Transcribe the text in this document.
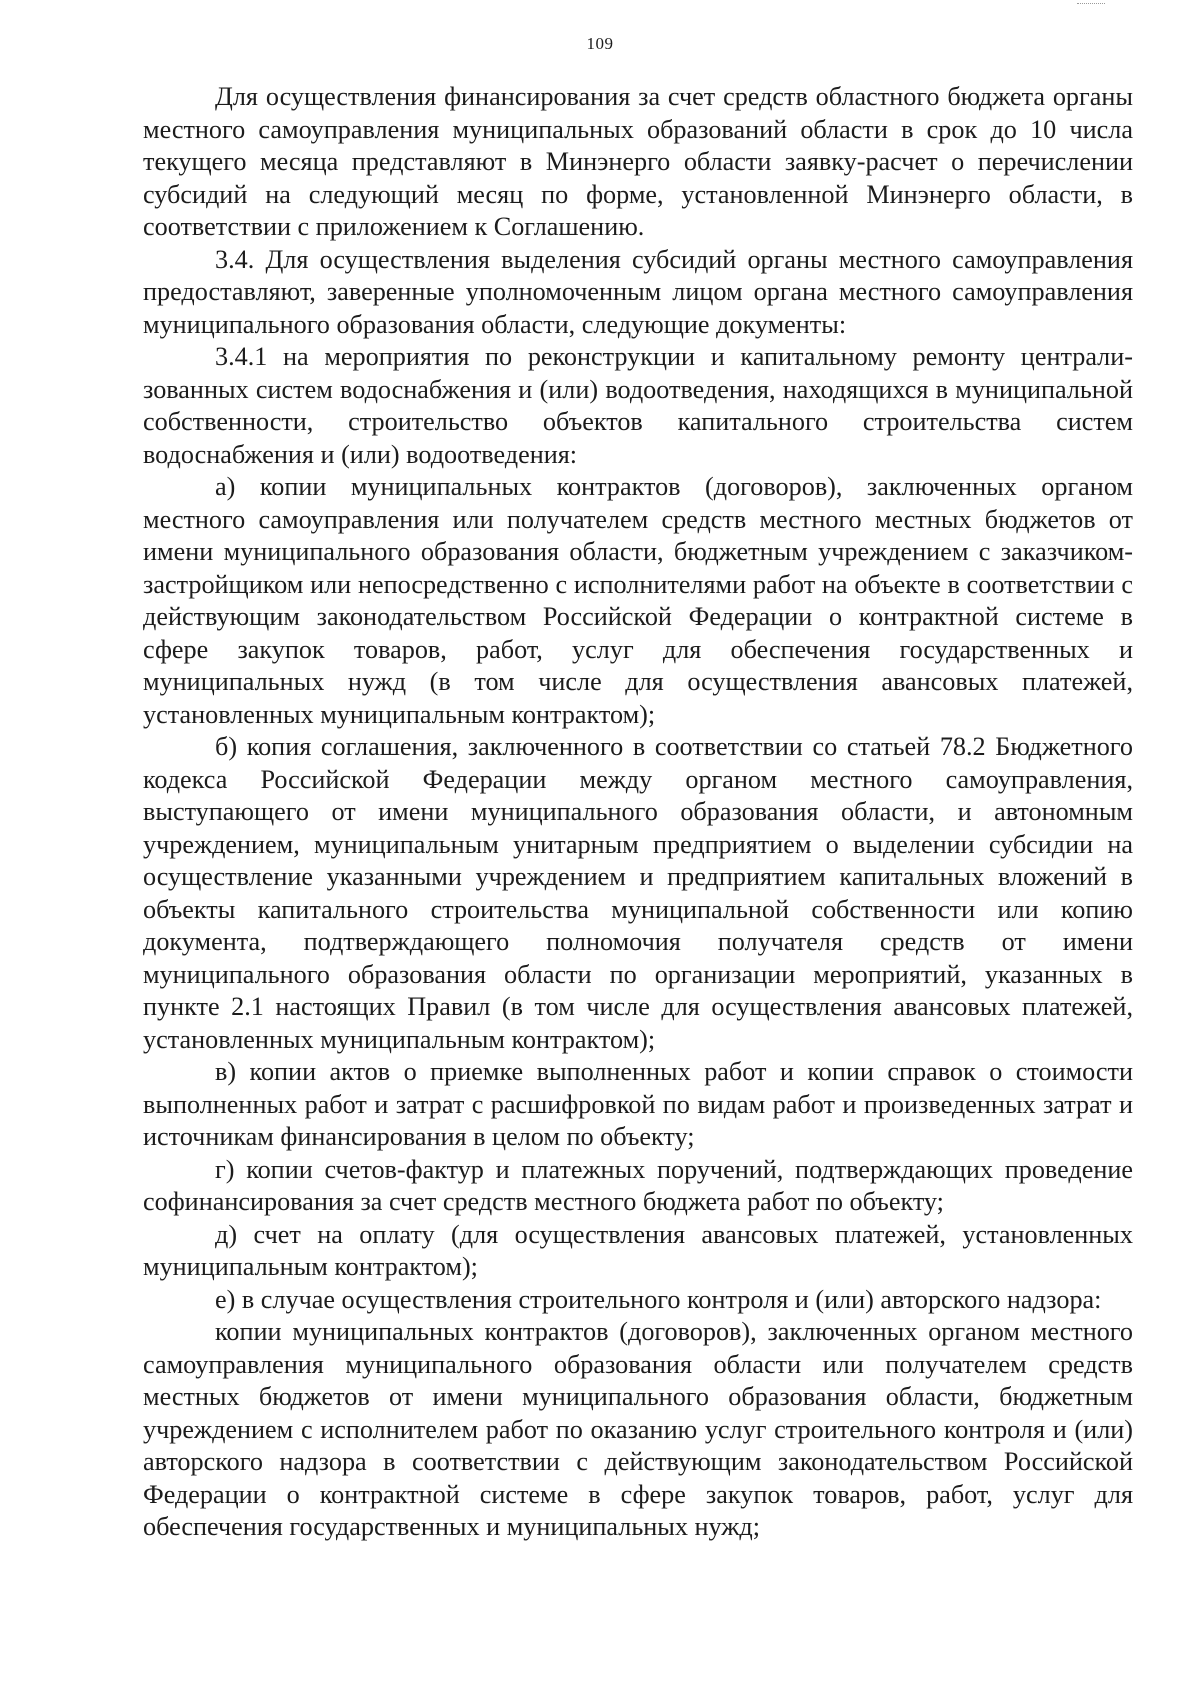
109

Для осуществления финансирования за счет средств областного бюджета органы местного самоуправления муниципальных образований области в срок до 10 числа текущего месяца представляют в Минэнерго области заявку-расчет о перечислении субсидий на следующий месяц по форме, установленной Минэнерго области, в соответствии с приложением к Соглашению.

3.4. Для осуществления выделения субсидий органы местного самоуправления предоставляют, заверенные уполномоченным лицом органа местного самоуправления муниципального образования области, следующие документы:

3.4.1 на мероприятия по реконструкции и капитальному ремонту централизованных систем водоснабжения и (или) водоотведения, находящихся в муниципальной собственности, строительство объектов капитального строительства систем водоснабжения и (или) водоотведения:

а) копии муниципальных контрактов (договоров), заключенных органом местного самоуправления или получателем средств местного местных бюджетов от имени муниципального образования области, бюджетным учреждением с заказчиком-застройщиком или непосредственно с исполнителями работ на объекте в соответствии с действующим законодательством Российской Федерации о контрактной системе в сфере закупок товаров, работ, услуг для обеспечения государственных и муниципальных нужд (в том числе для осуществления авансовых платежей, установленных муниципальным контрактом);

б) копия соглашения, заключенного в соответствии со статьей 78.2 Бюджетного кодекса Российской Федерации между органом местного самоуправления, выступающего от имени муниципального образования области, и автономным учреждением, муниципальным унитарным предприятием о выделении субсидии на осуществление указанными учреждением и предприятием капитальных вложений в объекты капитального строительства муниципальной собственности или копию документа, подтверждающего полномочия получателя средств от имени муниципального образования области по организации мероприятий, указанных в пункте 2.1 настоящих Правил (в том числе для осуществления авансовых платежей, установленных муниципальным контрактом);

в) копии актов о приемке выполненных работ и копии справок о стоимости выполненных работ и затрат с расшифровкой по видам работ и произведенных затрат и источникам финансирования в целом по объекту;

г) копии счетов-фактур и платежных поручений, подтверждающих проведение софинансирования за счет средств местного бюджета работ по объекту;

д) счет на оплату (для осуществления авансовых платежей, установленных муниципальным контрактом);

е) в случае осуществления строительного контроля и (или) авторского надзора:

копии муниципальных контрактов (договоров), заключенных органом местного самоуправления муниципального образования области или получателем средств местных бюджетов от имени муниципального образования области, бюджетным учреждением с исполнителем работ по оказанию услуг строительного контроля и (или) авторского надзора в соответствии с действующим законодательством Российской Федерации о контрактной системе в сфере закупок товаров, работ, услуг для обеспечения государственных и муниципальных нужд;
